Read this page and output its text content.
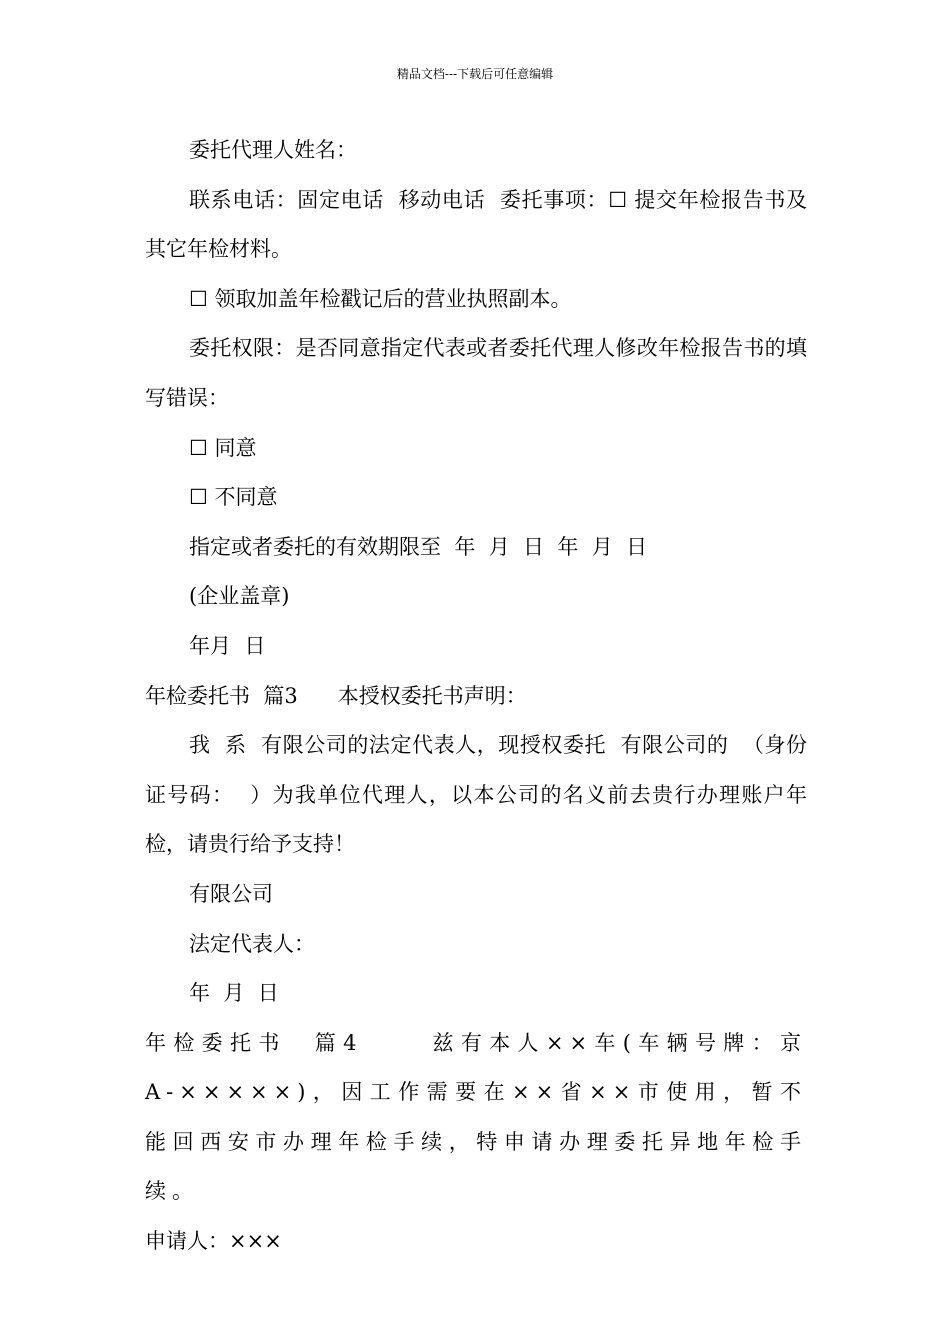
精品文档---下载后可任意编辑

委托代理人姓名：

联系电话：固定电话  移动电话  委托事项：☐ 提交年检报告书及其它年检材料。

☐ 领取加盖年检戳记后的营业执照副本。

委托权限：是否同意指定代表或者委托代理人修改年检报告书的填写错误：

☐ 同意

☐ 不同意

指定或者委托的有效期限至  年  月  日  年  月  日

(企业盖章)

年月  日

年检委托书  篇3      本授权委托书声明：

我  系  有限公司的法定代表人，现授权委托  有限公司的  （身份证号码：  ）为我单位代理人，以本公司的名义前去贵行办理账户年检，请贵行给予支持！

有限公司

法定代表人：

年  月  日

年检委托书  篇4     兹有本人××车(车辆号牌：京A-×××××)，因工作需要在××省××市使用，暂不能回西安市办理年检手续，特申请办理委托异地年检手续。

申请人：×××
